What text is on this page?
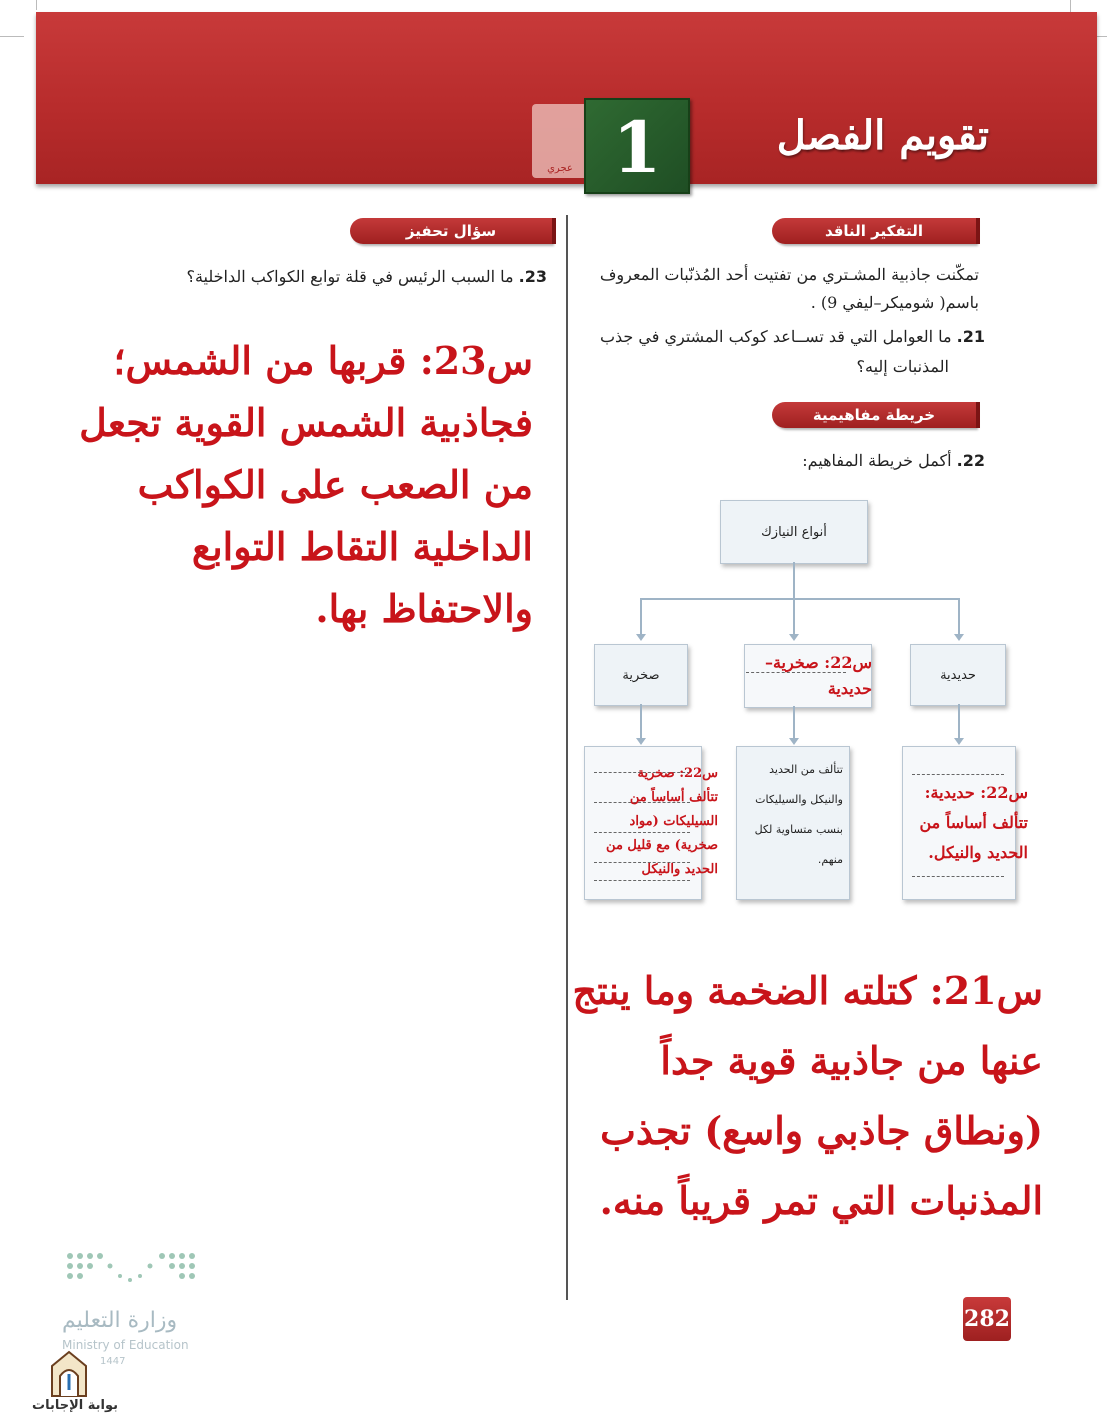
عجري 1	تقويم الفصل
التفكير الناقد
تمكّنت جاذبية المشـتري من تفتيت أحد المُذنّبات المعروف
باسم( شوميكر–ليفي 9) .
21. ما العوامل التي قد تســاعد كوكب المشتري في جذب
المذنبات إليه؟
خريطة مفاهيمية
22. أكمل خريطة المفاهيم:
أنواع النيازك
صخرية
س22: صخرية–
حديدية
حديدية
س22: صخرية
تتألف أساساً من
السيليكات (مواد
صخرية) مع قليل من
الحديد والنيكل
تتألف من الحديد
والنيكل والسيليكات
بنسب متساوية لكل
منهم.
س22: حديدية:
تتألف أساساً من
الحديد والنيكل.
س21: كتلته الضخمة وما ينتج
عنها من جاذبية قوية جداً
(ونطاق جاذبي واسع) تجذب
المذنبات التي تمر قريباً منه.
سؤال تحفيز
23. ما السبب الرئيس في قلة توابع الكواكب الداخلية؟
س23: قربها من الشمس؛
فجاذبية الشمس القوية تجعل
من الصعب على الكواكب
الداخلية التقاط التوابع
والاحتفاظ بها.
282
وزارة التعليم
Ministry of Education
1447
بوابة الإجابات
